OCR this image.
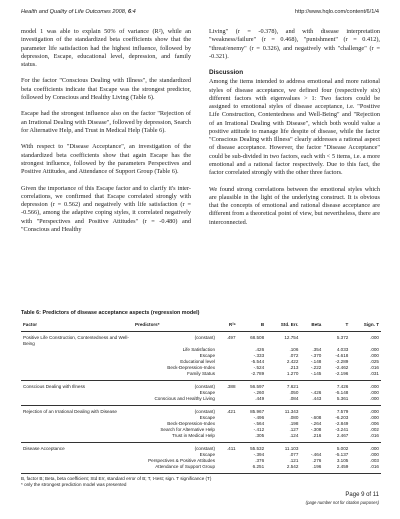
Health and Quality of Life Outcomes 2008, 6:4	http://www.hqlo.com/content/6/1/4

model 1 was able to explain 50% of variance (R²), while an investigation of the standardized beta coefficients show that the parameter life satisfaction had the highest influence, followed by depression, Escape, educational level, depression, and family status.

For the factor "Conscious Dealing with Illness", the standardized beta coefficients indicate that Escape was the strongest predictor, followed by Conscious and Healthy Living (Table 6).

Escape had the strongest influence also on the factor "Rejection of an Irrational Dealing with Disease", followed by depression, Search for Alternative Help, and Trust in Medical Help (Table 6).

With respect to "Disease Acceptance", an investigation of the standardized beta coefficients show that again Escape has the strongest influence, followed by the parameters Perspectives and Positive Attitudes, and Attendance of Support Group (Table 6).

Given the importance of this Escape factor and to clarify it's inter-correlations, we confirmed that Escape correlated strongly with depression (r = 0.562) and negatively with life satisfaction (r = -0.566), among the adaptive coping styles, it correlated negatively with "Perspectives and Positive Attitudes" (r = -0.480) and "Conscious and Healthy

Living" (r = -0.378), and with disease interpretation "weakness/failure" (r = 0.468), "punishment" (r = 0.412), "threat/enemy" (r = 0.326), and negatively with "challenge" (r = -0.321).

Discussion

Among the items intended to address emotional and more rational styles of disease acceptance, we defined four (respectively six) different factors with eigenvalues > 1: Two factors could be assigned to emotional styles of disease acceptance, i.e. "Positive Life Construction, Contentedness and Well-Being" and "Rejection of an Irrational Dealing with Disease", which both would value a positive attitude to manage life despite of disease, while the factor "Conscious Dealing with Illness" clearly addresses a rational aspect of disease acceptance. However, the factor "Disease Acceptance" could be sub-divided in two factors, each with < 5 items, i.e. a more emotional and a rational factor respectively. Due to this fact, the factor correlated strongly with the other three factors.

We found strong correlations between the emotional styles which are plausible in the light of the underlying construct. It is obvious that the concepts of emotional and rational disease acceptance are different from a theoretical point of view, but nevertheless, there are interconnected.

Table 6: Predictors of disease acceptance aspects (regression model)
Factor	Predictors*	R²ᵃ	B	Std. Err.	Beta	T	Sign. T
Positive Life Construction, Contentedness and Well-Being	(constant)	.497	68.508	12.754		5.372	.000
	Life Satisfaction		.426	.106	.354	4.033	.000
	Escape		-.333	.072	-.370	-4.618	.000
	Educational level		-5.544	2.422	-.148	-2.289	.025
	Beck-Depression-Index		-.524	.213	-.222	-2.462	.016
	Family Status		-2.789	1.270	-.145	-2.196	.031
Conscious Dealing with Illness	(constant)	.388	56.597	7.621		7.426	.000
	Escape		-.260	.050	-.426	-5.148	.000
	Conscious and Healthy Living		.449	.084	.443	5.361	.000
Rejection of an Irrational Dealing with Disease	(constant)	.421	85.967	11.343		7.579	.000
	Escape		-.496	.080	-.608	-6.203	.000
	Beck-Depression-Index		-.564	.198	-.264	-2.849	.006
	Search for Alternative Help		-.412	.127	-.308	-3.241	.002
	Trust in Medical Help		.305	.124	.216	2.467	.016
Disease Acceptance	(constant)	.411	55.532	11.103		5.002	.000
	Escape		-.394	.077	-.464	-5.137	.000
	Perspectives & Positive Attitudes		.376	.121	.276	3.105	.003
	Attendance of Support Group		6.251	2.542	.196	2.459	.016
B, factor B; Beta, beta coefficient; Std Err, standard error of B; T, t-test; sign. T significance (T)
* only the strongest prediction model was presented
Page 9 of 11
(page number not for citation purposes)
